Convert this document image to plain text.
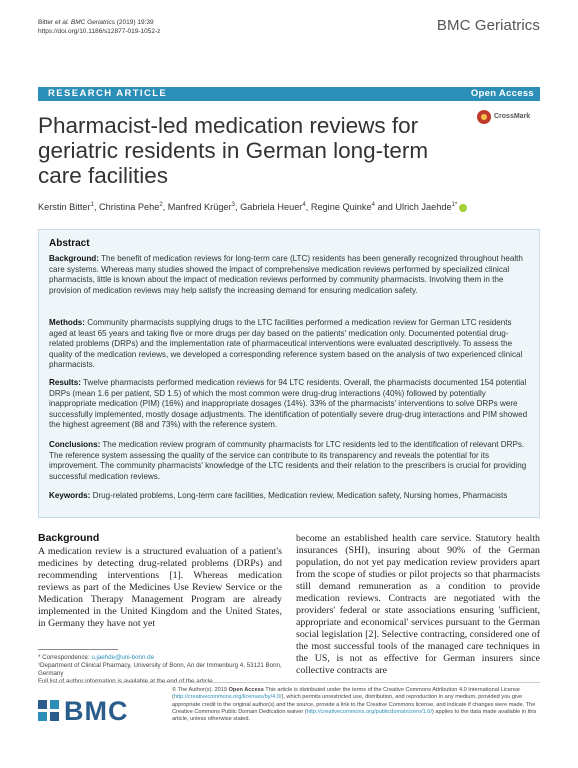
Bitter et al. BMC Geriatrics (2019) 19:39
https://doi.org/10.1186/s12877-019-1052-z	BMC Geriatrics
RESEARCH ARTICLE	Open Access
Pharmacist-led medication reviews for geriatric residents in German long-term care facilities
CrossMark
Kerstin Bitter$^1$, Christina Pehe$^2$, Manfred Krüger$^3$, Gabriela Heuer$^4$, Regine Quinke$^4$ and Ulrich Jaehde$^{1*}$
Abstract

Background: The benefit of medication reviews for long-term care (LTC) residents has been generally recognized throughout health care systems. Whereas many studies showed the impact of comprehensive medication reviews performed by specialized clinical pharmacists, little is known about the impact of medication reviews performed by community pharmacists. Involving them in the provision of medication reviews may help satisfy the increasing demand for ensuring medication safety.

Methods: Community pharmacists supplying drugs to the LTC facilities performed a medication review for German LTC residents aged at least 65 years and taking five or more drugs per day based on the patients' medication only. Documented potential drug-related problems (DRPs) and the implementation rate of pharmaceutical interventions were evaluated descriptively. To assess the quality of the medication reviews, we developed a corresponding reference system based on the analysis of two experienced clinical pharmacists.

Results: Twelve pharmacists performed medication reviews for 94 LTC residents. Overall, the pharmacists documented 154 potential DRPs (mean 1.6 per patient, SD 1.5) of which the most common were drug-drug interactions (40%) followed by potentially inappropriate medication (PIM) (16%) and inappropriate dosages (14%). 33% of the pharmacists' interventions to solve DRPs were successfully implemented, mostly dosage adjustments. The identification of potentially severe drug-drug interactions and PIM showed the highest agreement (88 and 73%) with the reference system.

Conclusions: The medication review program of community pharmacists for LTC residents led to the identification of relevant DRPs. The reference system assessing the quality of the service can contribute to its transparency and reveals the potential for its improvement. The community pharmacists' knowledge of the LTC residents and their relation to the prescribers is crucial for providing successful medication reviews.

Keywords: Drug-related problems, Long-term care facilities, Medication review, Medication safety, Nursing homes, Pharmacists

Background

A medication review is a structured evaluation of a patient's medicines by detecting drug-related problems (DRPs) and recommending interventions [1]. Whereas medication reviews as part of the Medicines Use Review Service or the Medication Therapy Management Program are already implemented in the United Kingdom and the United States, in Germany they have not yet

become an established health care service. Statutory health insurances (SHI), insuring about 90% of the German population, do not yet pay medication review providers apart from the scope of studies or pilot projects so that pharmacists still demand remuneration as a condition to provide medication reviews. Contracts are negotiated with the providers' federal or state associations ensuring 'sufficient, appropriate and economical' services pursuant to the German social legislation [2]. Selective contracting, considered one of the most successful tools of the managed care techniques in the US, is not as effective for German insurers since collective contracts are

* Correspondence: u.jaehde@uni-bonn.de
¹Department of Clinical Pharmacy, University of Bonn, An der Immenburg 4, 53121 Bonn, Germany
Full list of author information is available at the end of the article
BMC

© The Author(s). 2019 Open Access This article is distributed under the terms of the Creative Commons Attribution 4.0 International License (http://creativecommons.org/licenses/by/4.0/), which permits unrestricted use, distribution, and reproduction in any medium, provided you give appropriate credit to the original author(s) and the source, provide a link to the Creative Commons license, and indicate if changes were made. The Creative Commons Public Domain Dedication waiver (http://creativecommons.org/publicdomain/zero/1.0/) applies to the data made available in this article, unless otherwise stated.
